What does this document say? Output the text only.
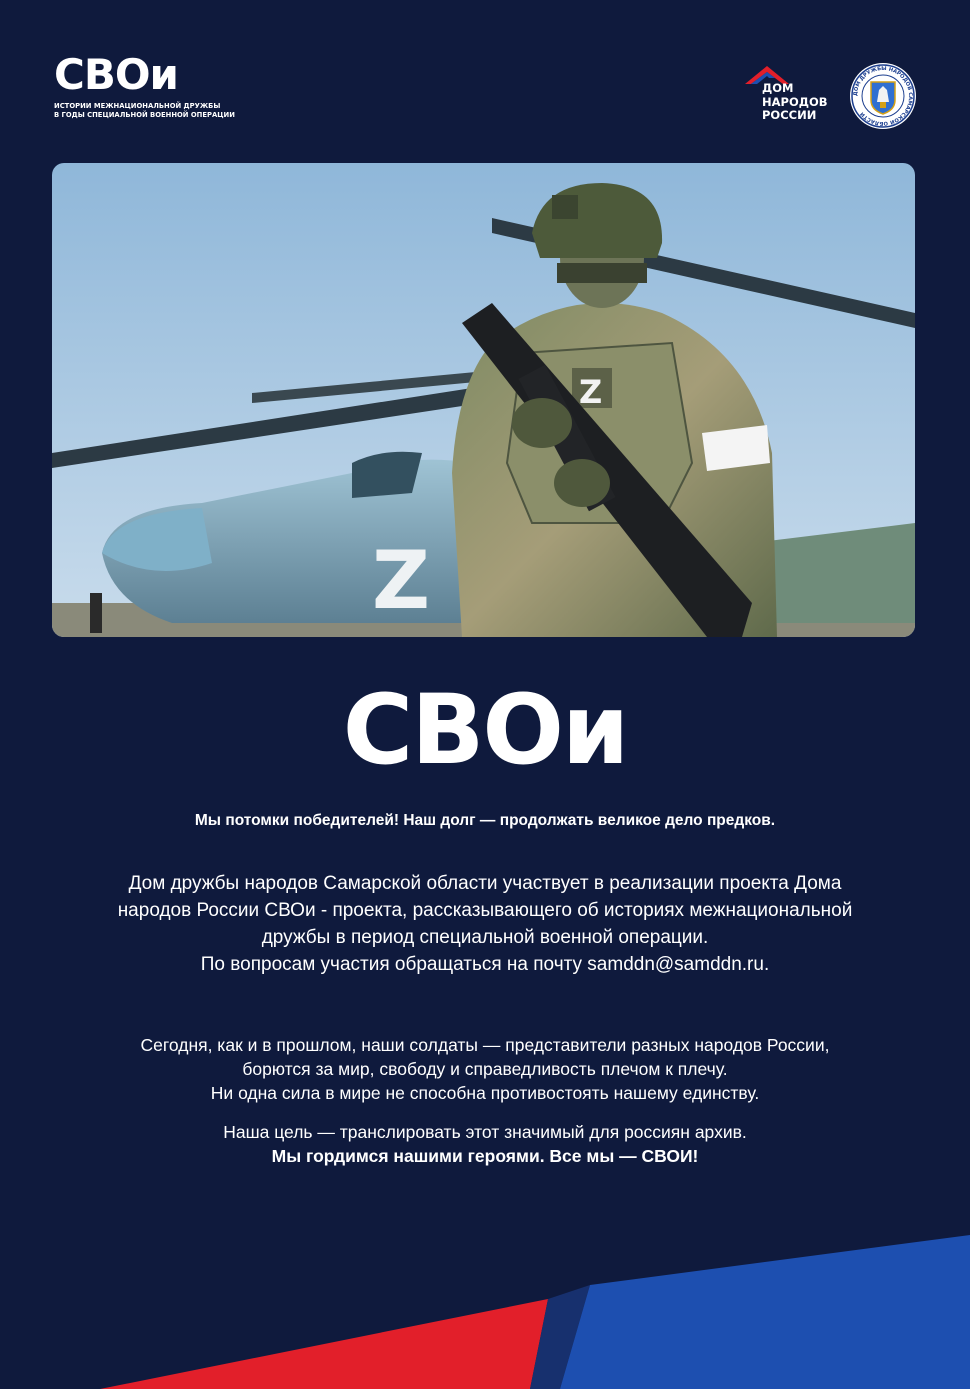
СВОи
ИСТОРИИ МЕЖНАЦИОНАЛЬНОЙ ДРУЖБЫ
В ГОДЫ СПЕЦИАЛЬНОЙ ВОЕННОЙ ОПЕРАЦИИ
ДОМ
НАРОДОВ
РОССИИ
ДОМ ДРУЖБЫ НАРОДОВ САМАРСКОЙ ОБЛАСТИ
Z
Z
СВОи
Мы потомки победителей! Наш долг — продолжать великое дело предков.
Дом дружбы народов Самарской области участвует в реализации проекта Дома
народов России СВОи - проекта, рассказывающего об историях межнациональной
дружбы в период специальной военной операции.
По вопросам участия обращаться на почту samddn@samddn.ru.
Сегодня, как и в прошлом, наши солдаты — представители разных народов России,
борются за мир, свободу и справедливость плечом к плечу.
Ни одна сила в мире не способна противостоять нашему единству.
Наша цель — транслировать этот значимый для россиян архив.
Мы гордимся нашими героями. Все мы — СВОИ!
